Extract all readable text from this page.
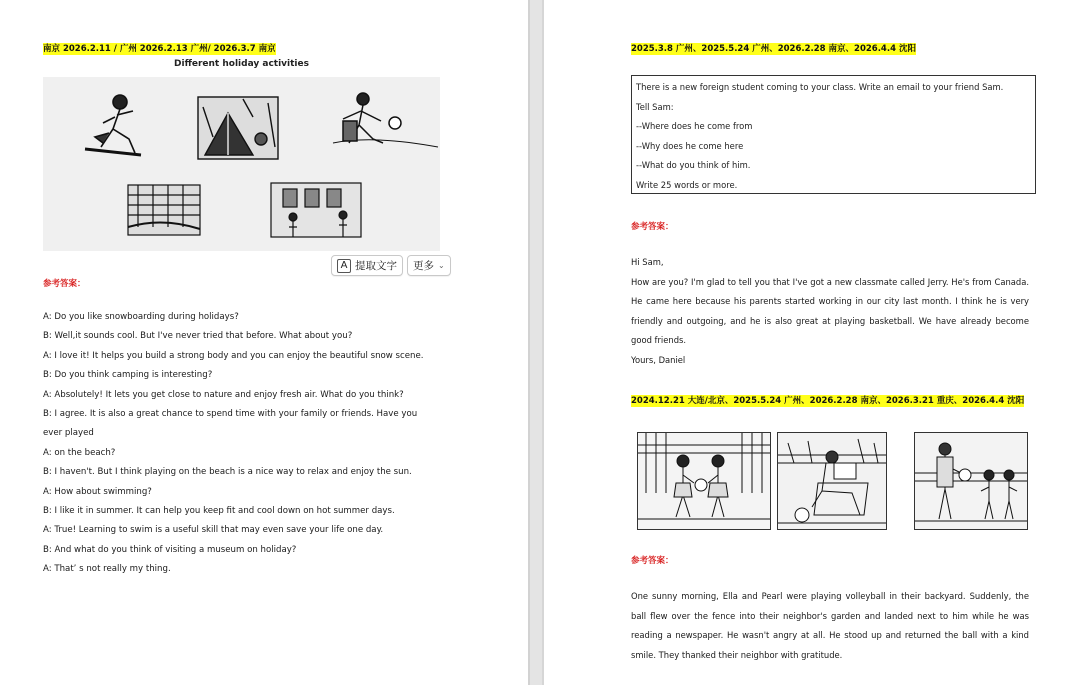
南京 2026.2.11 / 广州 2026.2.13 广州/ 2026.3.7 南京
Different holiday activities
A 提取文字 更多 ⌄
参考答案：
A: Do you like snowboarding during holidays?
B: Well,it sounds cool. But I've never tried that before. What about you?
A: I love it! It helps you build a strong body and you can enjoy the beautiful snow scene.
B: Do you think camping is interesting?
A: Absolutely! It lets you get close to nature and enjoy fresh air. What do you think?
B: I agree. It is also a great chance to spend time with your family or friends. Have you
ever played
A: on the beach?
B: I haven't. But I think playing on the beach is a nice way to relax and enjoy the sun.
A: How about swimming?
B: I like it in summer. It can help you keep fit and cool down on hot summer days.
A: True! Learning to swim is a useful skill that may even save your life one day.
B: And what do you think of visiting a museum on holiday?
A: That’ s not really my thing.
2025.3.8 广州、2025.5.24 广州、2026.2.28 南京、2026.4.4 沈阳
There is a new foreign student coming to your class. Write an email to your friend Sam.
Tell Sam:
--Where does he come from
--Why does he come here
--What do you think of him.
Write 25 words or more.
参考答案：
Hi Sam,
How are you? I'm glad to tell you that I've got a new classmate called Jerry. He's from Canada. He came here because his parents started working in our city last month. I think he is very friendly and outgoing, and he is also great at playing basketball. We have already become good friends.
Yours, Daniel
2024.12.21 大连/北京、2025.5.24 广州、2026.2.28 南京、2026.3.21 重庆、2026.4.4 沈阳
参考答案：
One sunny morning, Ella and Pearl were playing volleyball in their backyard. Suddenly, the ball flew over the fence into their neighbor's garden and landed next to him while he was reading a newspaper. He wasn't angry at all. He stood up and returned the ball with a kind smile. They thanked their neighbor with gratitude.
